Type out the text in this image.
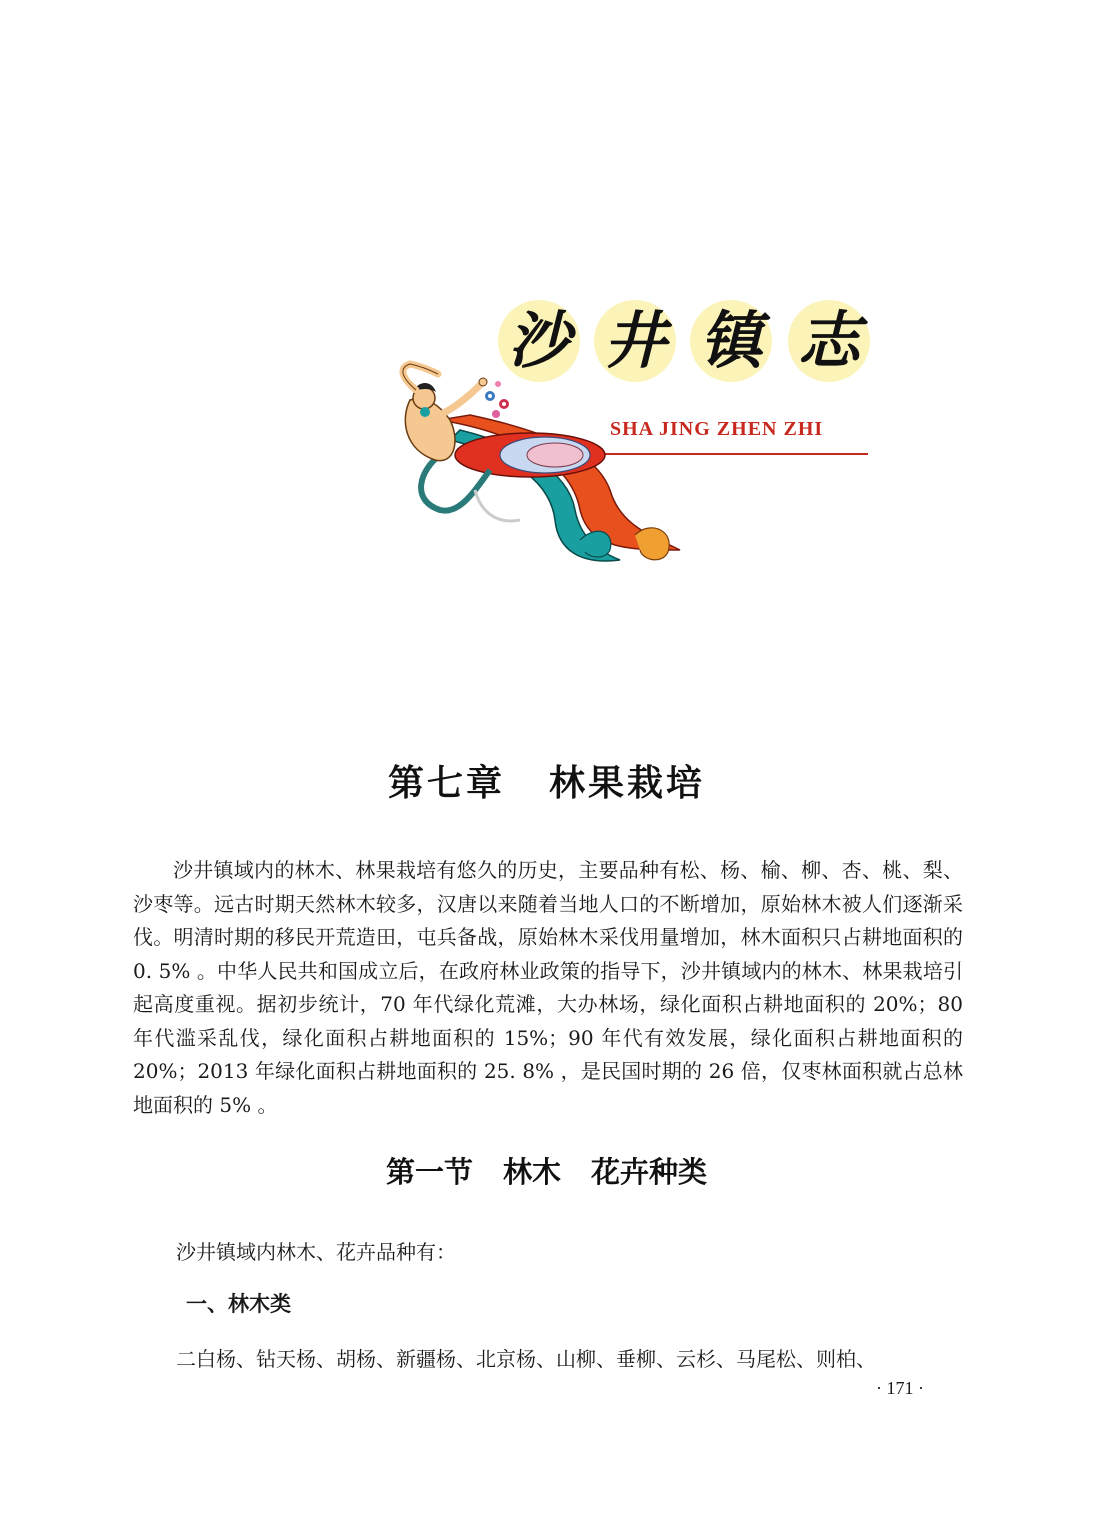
沙 井 镇 志
SHA JING ZHEN ZHI
第七章 林果栽培

沙井镇域内的林木、林果栽培有悠久的历史，主要品种有松、杨、榆、柳、杏、桃、梨、沙枣等。远古时期天然林木较多，汉唐以来随着当地人口的不断增加，原始林木被人们逐渐采伐。明清时期的移民开荒造田，屯兵备战，原始林木采伐用量增加，林木面积只占耕地面积的 0. 5% 。中华人民共和国成立后，在政府林业政策的指导下，沙井镇域内的林木、林果栽培引起高度重视。据初步统计，70 年代绿化荒滩，大办林场，绿化面积占耕地面积的 20%；80 年代滥采乱伐，绿化面积占耕地面积的 15%；90 年代有效发展，绿化面积占耕地面积的 20%；2013 年绿化面积占耕地面积的 25. 8% ，是民国时期的 26 倍，仅枣林面积就占总林地面积的 5% 。

第一节 林木 花卉种类
沙井镇域内林木、花卉品种有：
一、林木类
二白杨、钻天杨、胡杨、新疆杨、北京杨、山柳、垂柳、云杉、马尾松、则柏、
· 171 ·
